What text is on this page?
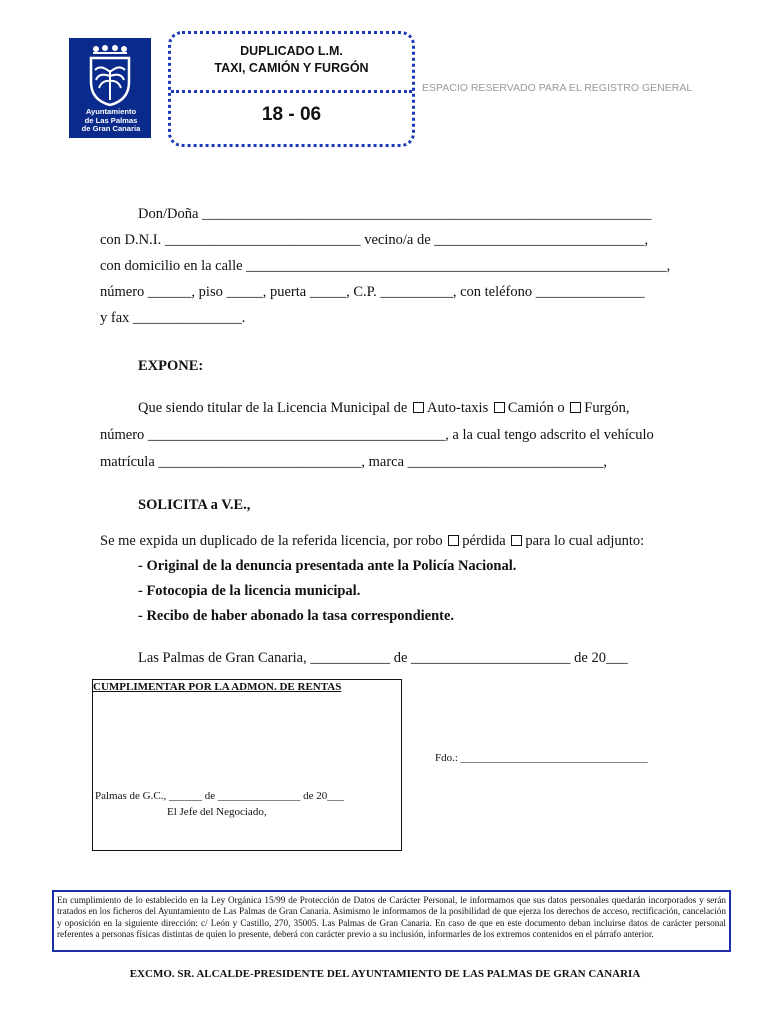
Ayuntamiento
de Las Palmas
de Gran Canaria
DUPLICADO L.M.
TAXI, CAMIÓN Y FURGÓN
18 - 06
ESPACIO RESERVADO PARA EL REGISTRO GENERAL
Don/Doña ______________________________________________________________
con D.N.I. ___________________________ vecino/a de _____________________________,
con domicilio en la calle __________________________________________________________,
número ______, piso _____, puerta _____, C.P. __________, con teléfono _______________
y fax _______________.
EXPONE:
Que siendo titular de la Licencia Municipal de Auto-taxis Camión o Furgón,
número _________________________________________, a la cual tengo adscrito el vehículo
matrícula ____________________________, marca ___________________________,
SOLICITA a V.E.,
Se me expida un duplicado de la referida licencia, por robo pérdida para lo cual adjunto:
- Original de la denuncia presentada ante la Policía Nacional.
- Fotocopia de la licencia municipal.
- Recibo de haber abonado la tasa correspondiente.
Las Palmas de Gran Canaria, ___________ de ______________________ de 20___
CUMPLIMENTAR POR LA ADMON. DE RENTAS
Palmas de G.C., ______ de _______________ de 20___
El Jefe del Negociado,
Fdo.: __________________________________
En cumplimiento de lo establecido en la Ley Orgánica 15/99 de Protección de Datos de Carácter Personal, le informamos que sus datos personales quedarán incorporados y serán tratados en los ficheros del Ayuntamiento de Las Palmas de Gran Canaria. Asimismo le informamos de la posibilidad de que ejerza los derechos de acceso, rectificación, cancelación y oposición en la siguiente dirección: c/ León y Castillo, 270, 35005. Las Palmas de Gran Canaria. En caso de que en este documento deban incluirse datos de carácter personal referentes a personas físicas distintas de quien lo presente, deberá con carácter previo a su inclusión, informarles de los extremos contenidos en el párrafo anterior.
EXCMO. SR. ALCALDE-PRESIDENTE DEL AYUNTAMIENTO DE LAS PALMAS DE GRAN CANARIA
